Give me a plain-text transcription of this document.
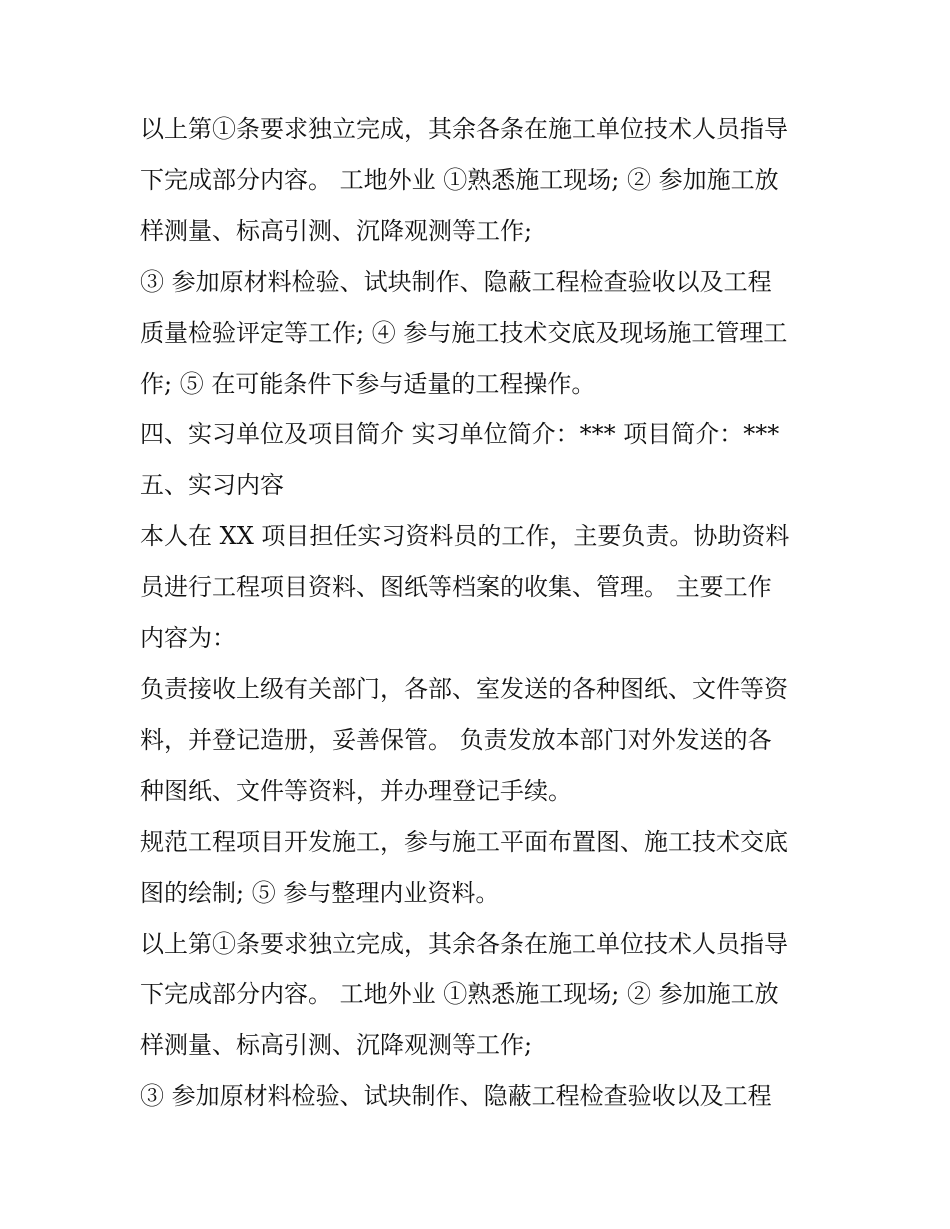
以上第①条要求独立完成，其余各条在施工单位技术人员指导
下完成部分内容。 工地外业 ①熟悉施工现场; ② 参加施工放
样测量、标高引测、沉降观测等工作;
③ 参加原材料检验、试块制作、隐蔽工程检查验收以及工程
质量检验评定等工作; ④ 参与施工技术交底及现场施工管理工
作; ⑤ 在可能条件下参与适量的工程操作。
四、实习单位及项目简介 实习单位简介：*** 项目简介：***
五、实习内容
本人在 XX 项目担任实习资料员的工作，主要负责。协助资料
员进行工程项目资料、图纸等档案的收集、管理。 主要工作
内容为：
负责接收上级有关部门，各部、室发送的各种图纸、文件等资
料，并登记造册，妥善保管。 负责发放本部门对外发送的各
种图纸、文件等资料，并办理登记手续。
规范工程项目开发施工，参与施工平面布置图、施工技术交底
图的绘制; ⑤ 参与整理内业资料。
以上第①条要求独立完成，其余各条在施工单位技术人员指导
下完成部分内容。 工地外业 ①熟悉施工现场; ② 参加施工放
样测量、标高引测、沉降观测等工作;
③ 参加原材料检验、试块制作、隐蔽工程检查验收以及工程
